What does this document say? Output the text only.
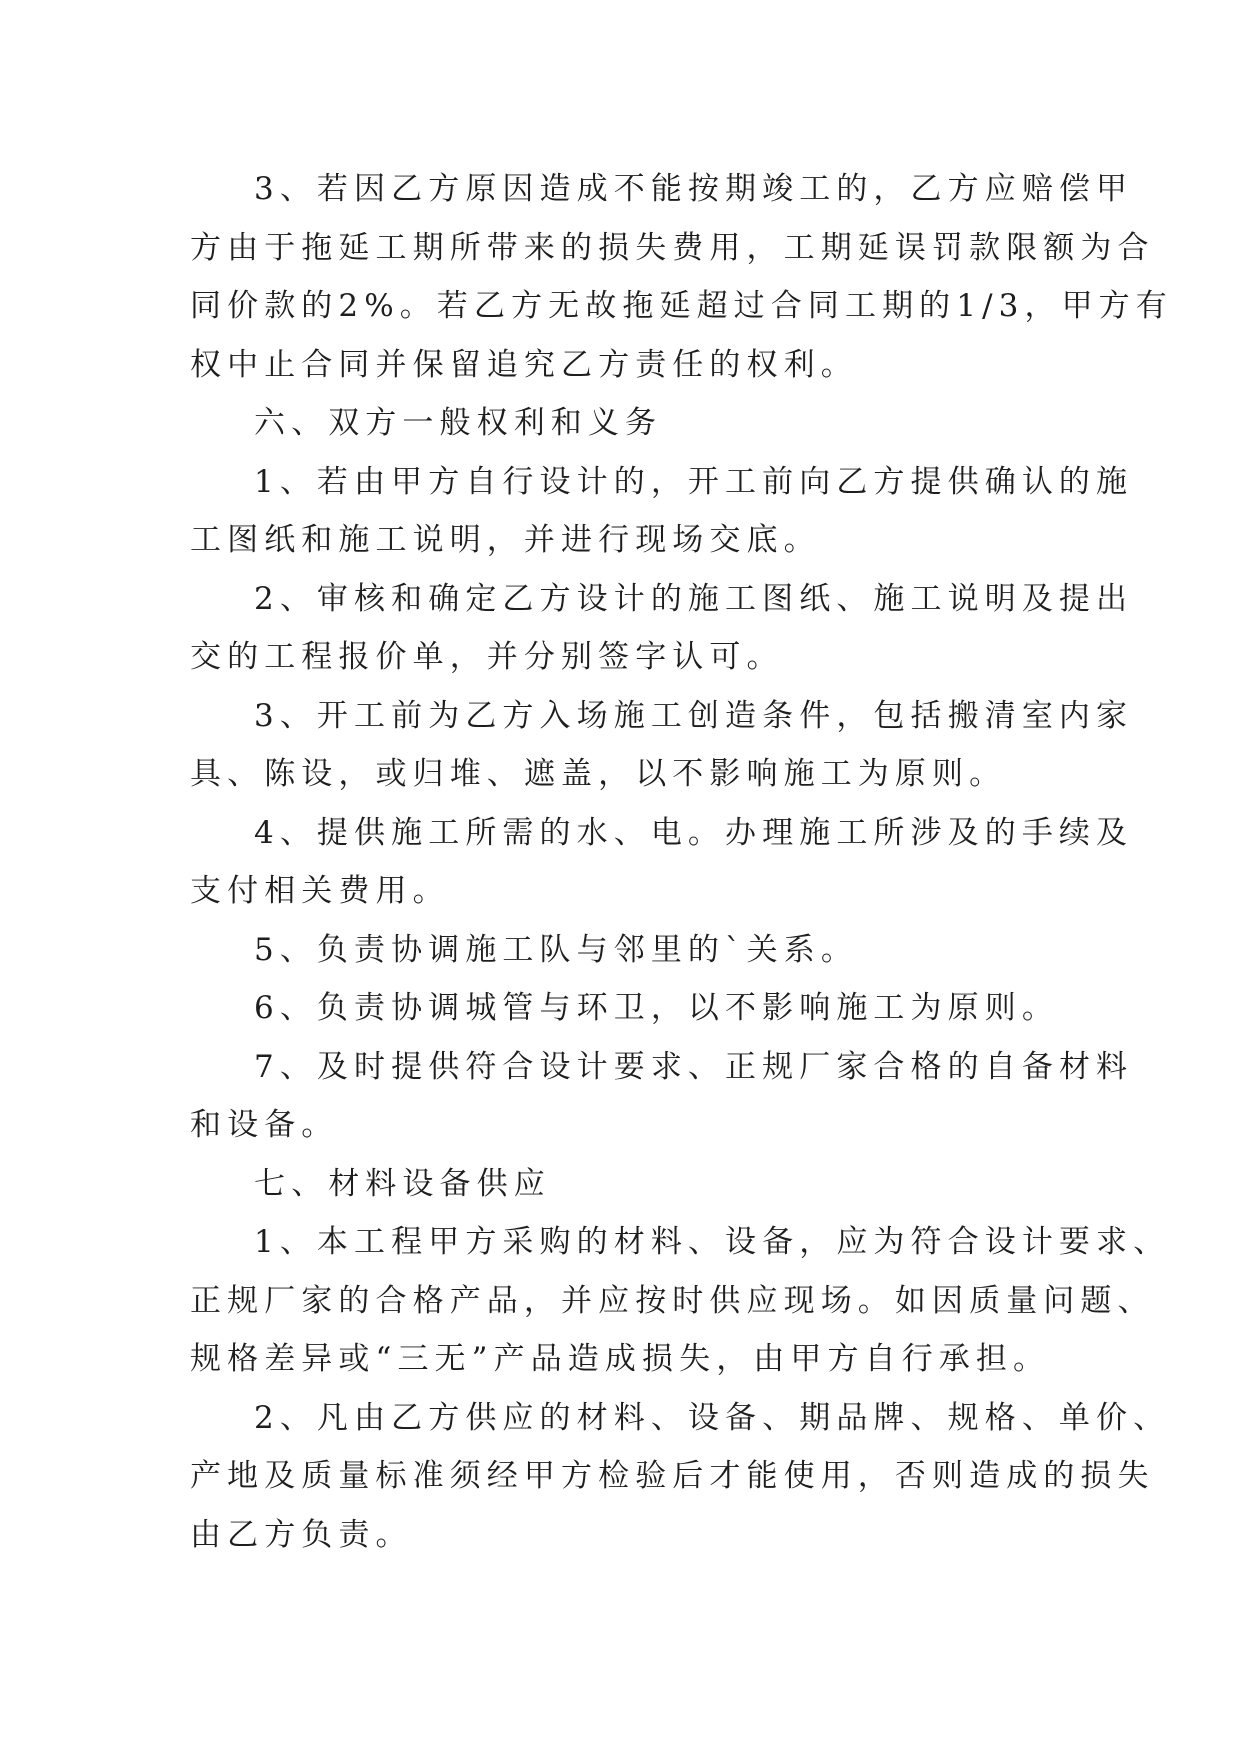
3、若因乙方原因造成不能按期竣工的，乙方应赔偿甲
方由于拖延工期所带来的损失费用，工期延误罚款限额为合
同价款的2%。若乙方无故拖延超过合同工期的1/3，甲方有
权中止合同并保留追究乙方责任的权利。
六、双方一般权利和义务
1、若由甲方自行设计的，开工前向乙方提供确认的施
工图纸和施工说明，并进行现场交底。
2、审核和确定乙方设计的施工图纸、施工说明及提出
交的工程报价单，并分别签字认可。
3、开工前为乙方入场施工创造条件，包括搬清室内家
具、陈设，或归堆、遮盖，以不影响施工为原则。
4、提供施工所需的水、电。办理施工所涉及的手续及
支付相关费用。
5、负责协调施工队与邻里的`关系。
6、负责协调城管与环卫，以不影响施工为原则。
7、及时提供符合设计要求、正规厂家合格的自备材料
和设备。
七、材料设备供应
1、本工程甲方采购的材料、设备，应为符合设计要求、
正规厂家的合格产品，并应按时供应现场。如因质量问题、
规格差异或“三无”产品造成损失，由甲方自行承担。
2、凡由乙方供应的材料、设备、期品牌、规格、单价、
产地及质量标准须经甲方检验后才能使用，否则造成的损失
由乙方负责。
